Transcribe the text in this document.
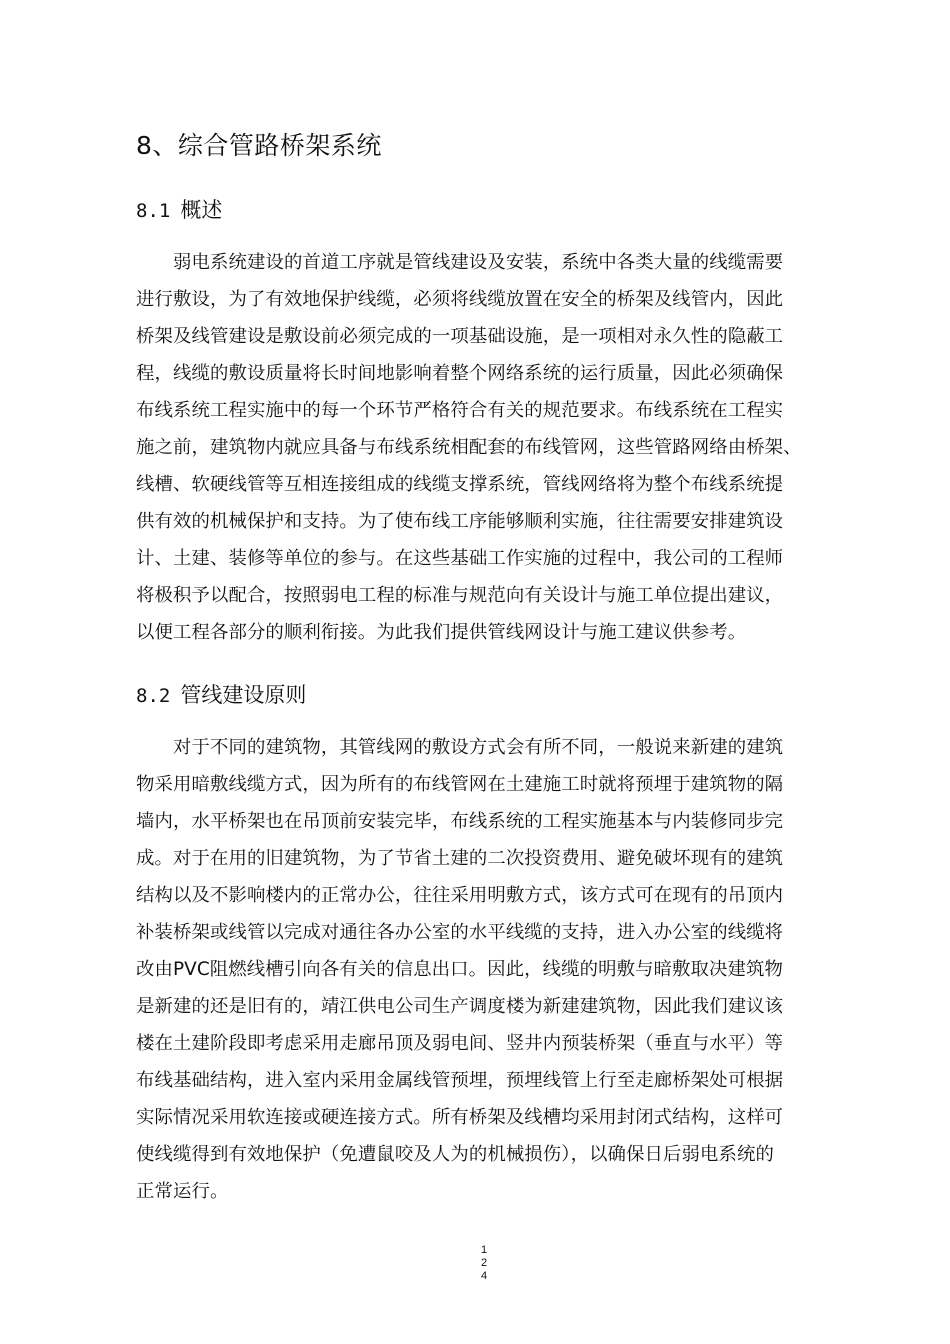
8、综合管路桥架系统
8.1 概述
弱电系统建设的首道工序就是管线建设及安装，系统中各类大量的线缆需要
进行敷设，为了有效地保护线缆，必须将线缆放置在安全的桥架及线管内，因此
桥架及线管建设是敷设前必须完成的一项基础设施，是一项相对永久性的隐蔽工
程，线缆的敷设质量将长时间地影响着整个网络系统的运行质量，因此必须确保
布线系统工程实施中的每一个环节严格符合有关的规范要求。布线系统在工程实
施之前，建筑物内就应具备与布线系统相配套的布线管网，这些管路网络由桥架、
线槽、软硬线管等互相连接组成的线缆支撑系统，管线网络将为整个布线系统提
供有效的机械保护和支持。为了使布线工序能够顺利实施，往往需要安排建筑设
计、土建、装修等单位的参与。在这些基础工作实施的过程中，我公司的工程师
将极积予以配合，按照弱电工程的标准与规范向有关设计与施工单位提出建议，
以便工程各部分的顺利衔接。为此我们提供管线网设计与施工建议供参考。
8.2 管线建设原则
对于不同的建筑物，其管线网的敷设方式会有所不同，一般说来新建的建筑
物采用暗敷线缆方式，因为所有的布线管网在土建施工时就将预埋于建筑物的隔
墙内，水平桥架也在吊顶前安装完毕，布线系统的工程实施基本与内装修同步完
成。对于在用的旧建筑物，为了节省土建的二次投资费用、避免破坏现有的建筑
结构以及不影响楼内的正常办公，往往采用明敷方式，该方式可在现有的吊顶内
补装桥架或线管以完成对通往各办公室的水平线缆的支持，进入办公室的线缆将
改由PVC阻燃线槽引向各有关的信息出口。因此，线缆的明敷与暗敷取决建筑物
是新建的还是旧有的，靖江供电公司生产调度楼为新建建筑物，因此我们建议该
楼在土建阶段即考虑采用走廊吊顶及弱电间、竖井内预装桥架（垂直与水平）等
布线基础结构，进入室内采用金属线管预埋，预埋线管上行至走廊桥架处可根据
实际情况采用软连接或硬连接方式。所有桥架及线槽均采用封闭式结构，这样可
使线缆得到有效地保护（免遭鼠咬及人为的机械损伤），以确保日后弱电系统的
正常运行。
1
2
4
